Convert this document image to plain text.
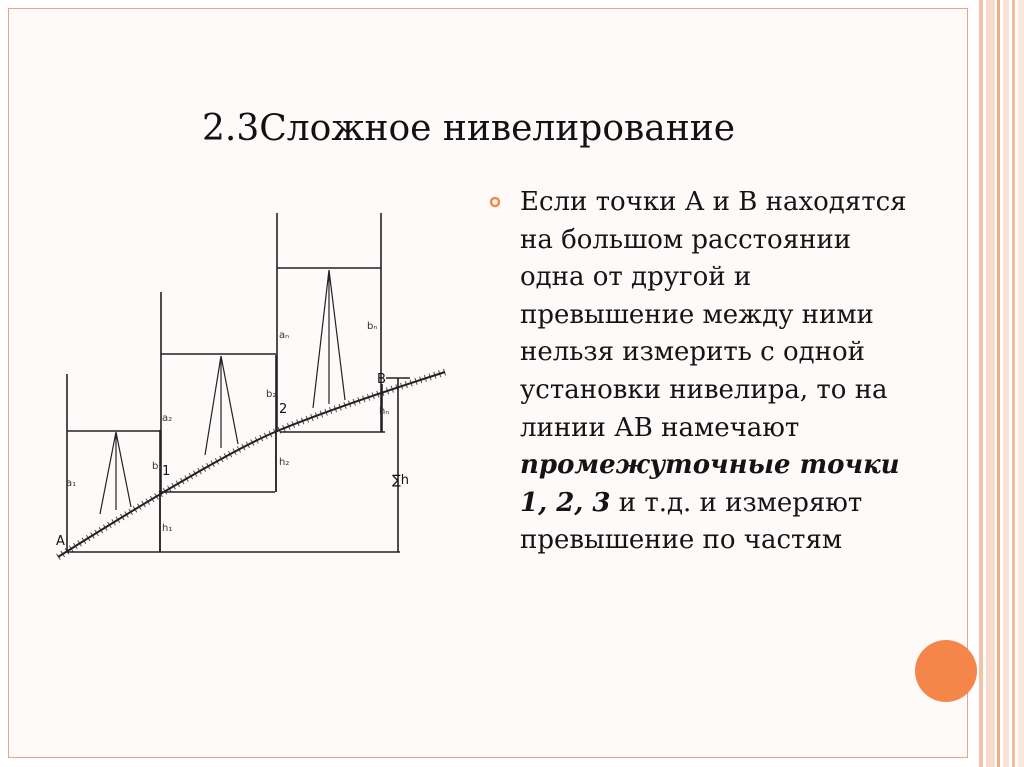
2.3Сложное нивелирование
Если точки А и В находятся на большом расстоянии одна от другой и превышение между ними нельзя измерить с одной установки нивелира, то на линии АВ намечают промежуточные точки 1, 2, 3 и т.д. и измеряют превышение по частям
A
B
1
2
a₁
b₁
h₁
a₂
b₂
h₂
aₙ
bₙ
hₙ
∑h
